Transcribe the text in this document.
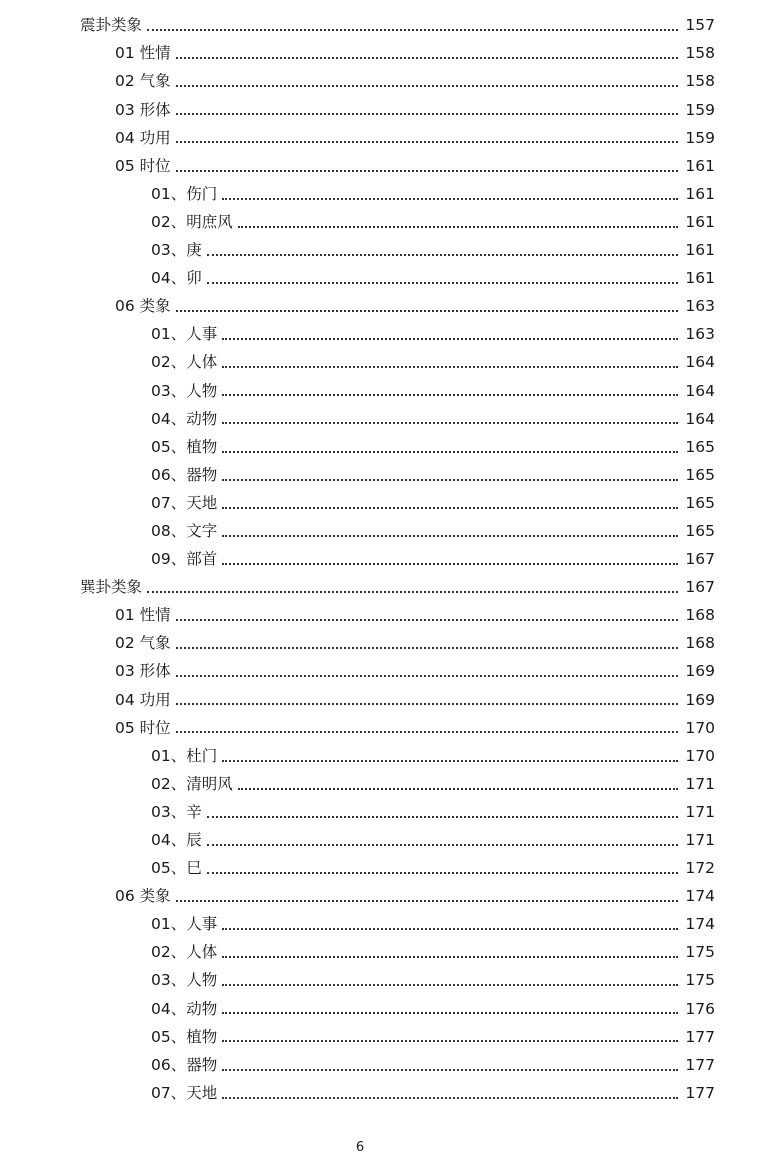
震卦类象	157
01 性情	158
02 气象	158
03 形体	159
04 功用	159
05 时位	161
01、伤门	161
02、明庶风	161
03、庚	161
04、卯	161
06 类象	163
01、人事	163
02、人体	164
03、人物	164
04、动物	164
05、植物	165
06、器物	165
07、天地	165
08、文字	165
09、部首	167
巽卦类象	167
01 性情	168
02 气象	168
03 形体	169
04 功用	169
05 时位	170
01、杜门	170
02、清明风	171
03、辛	171
04、辰	171
05、巳	172
06 类象	174
01、人事	174
02、人体	175
03、人物	175
04、动物	176
05、植物	177
06、器物	177
07、天地	177
6
